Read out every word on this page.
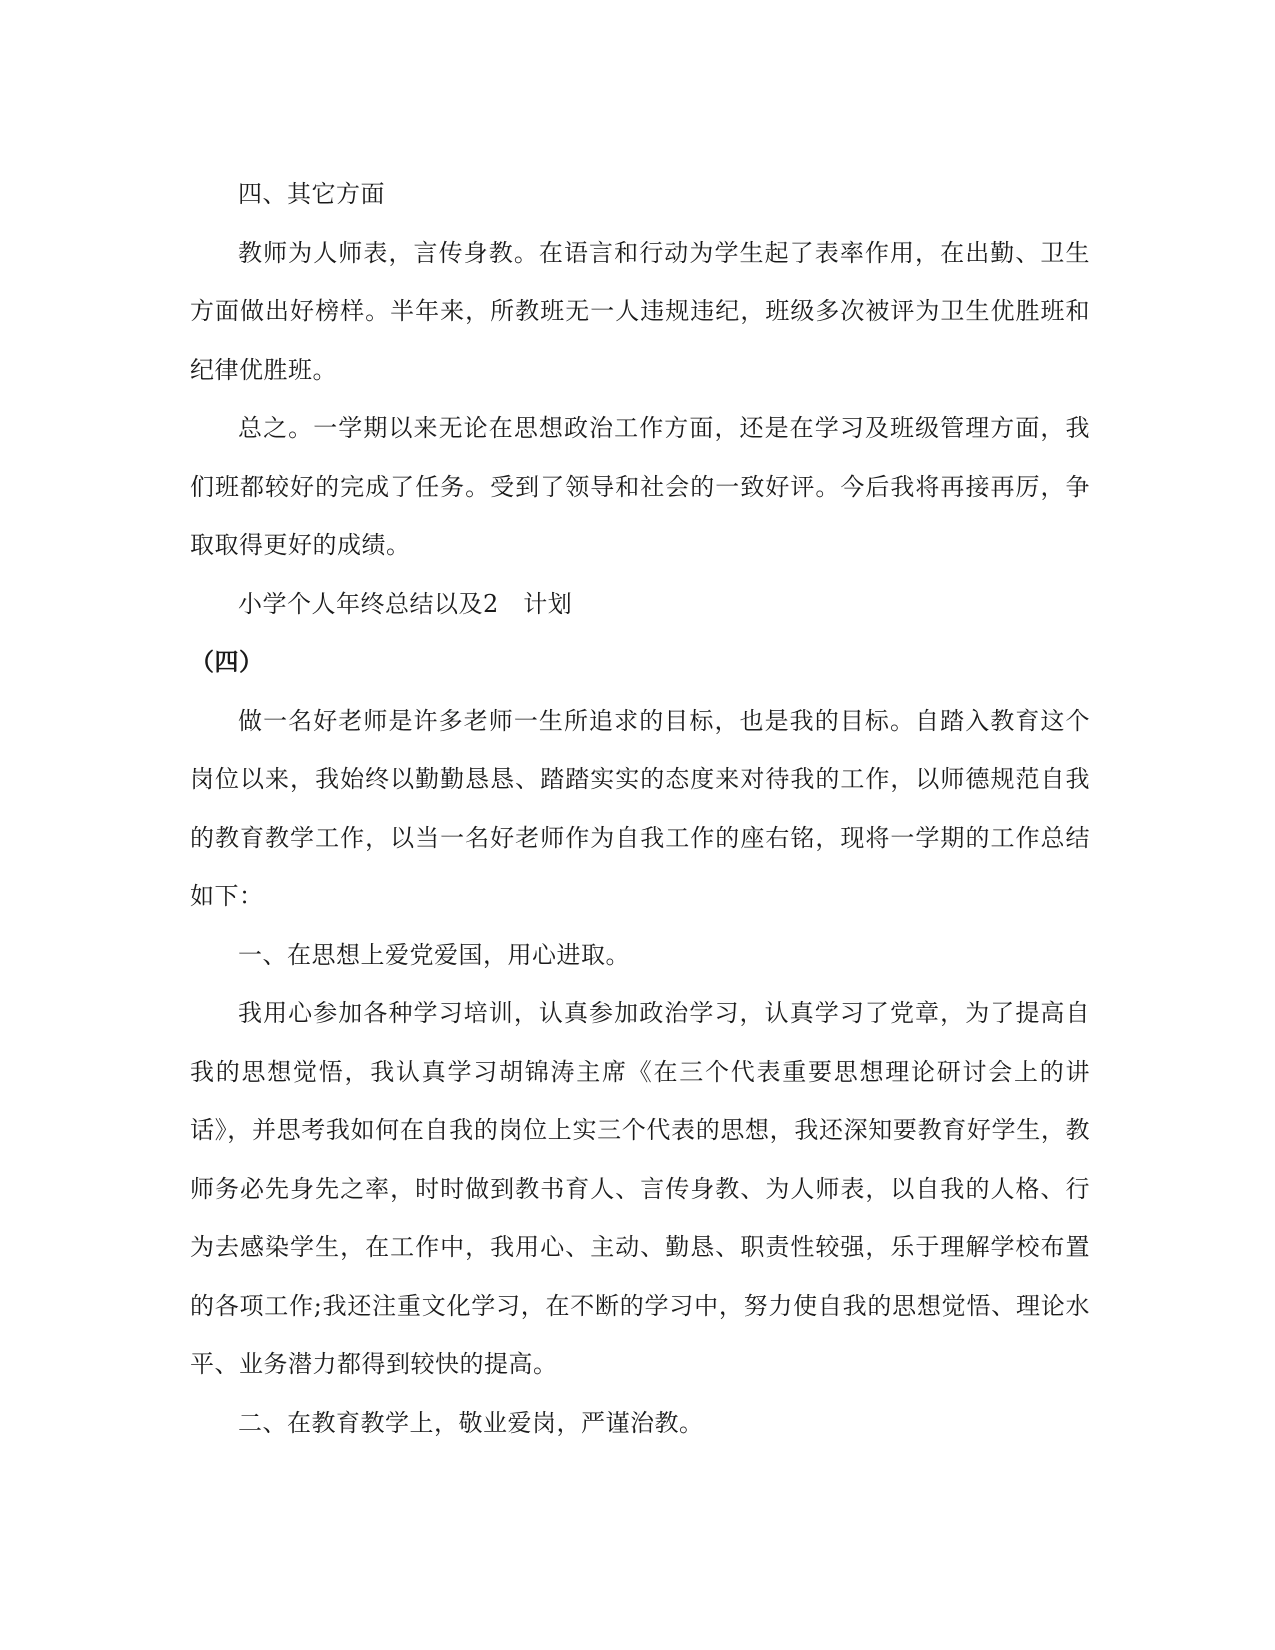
四、其它方面

教师为人师表，言传身教。在语言和行动为学生起了表率作用，在出勤、卫生方面做出好榜样。半年来，所教班无一人违规违纪，班级多次被评为卫生优胜班和纪律优胜班。

总之。一学期以来无论在思想政治工作方面，还是在学习及班级管理方面，我们班都较好的完成了任务。受到了领导和社会的一致好评。今后我将再接再厉，争取取得更好的成绩。

小学个人年终总结以及2　计划

（四）

做一名好老师是许多老师一生所追求的目标，也是我的目标。自踏入教育这个岗位以来，我始终以勤勤恳恳、踏踏实实的态度来对待我的工作，以师德规范自我的教育教学工作，以当一名好老师作为自我工作的座右铭，现将一学期的工作总结如下：

一、在思想上爱党爱国，用心进取。

我用心参加各种学习培训，认真参加政治学习，认真学习了党章，为了提高自我的思想觉悟，我认真学习胡锦涛主席《在三个代表重要思想理论研讨会上的讲话》，并思考我如何在自我的岗位上实三个代表的思想，我还深知要教育好学生，教师务必先身先之率，时时做到教书育人、言传身教、为人师表，以自我的人格、行为去感染学生，在工作中，我用心、主动、勤恳、职责性较强，乐于理解学校布置的各项工作;我还注重文化学习，在不断的学习中，努力使自我的思想觉悟、理论水平、业务潜力都得到较快的提高。

二、在教育教学上，敬业爱岗，严谨治教。
